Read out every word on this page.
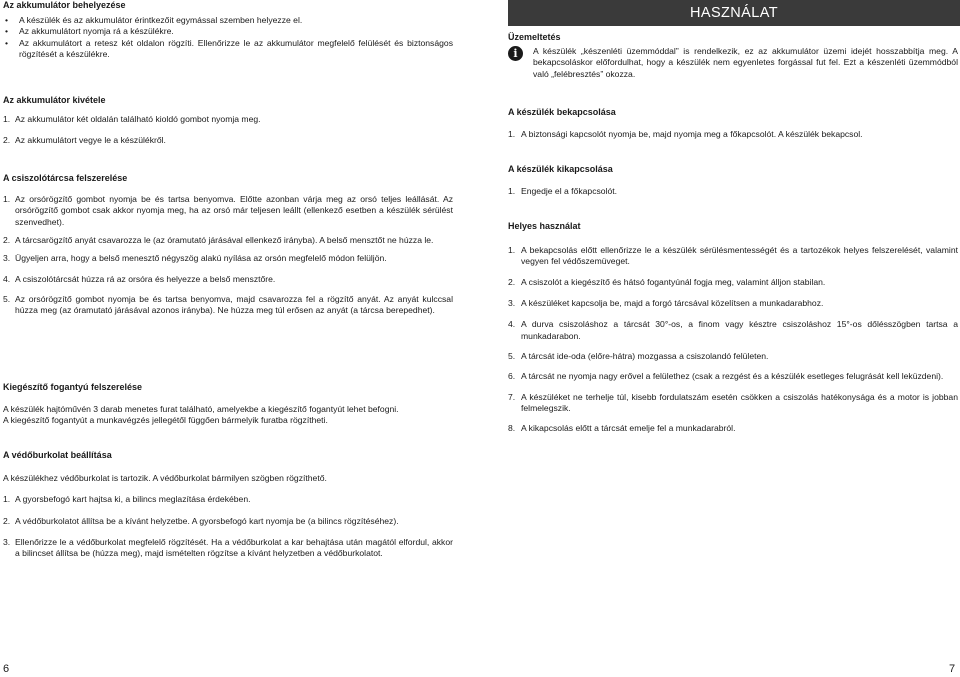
Az akkumulátor behelyezése

• A készülék és az akkumulátor érintkezőit egymással szemben helyezze el.
• Az akkumulátort nyomja rá a készülékre.
• Az akkumulátort a retesz két oldalon rögzíti. Ellenőrizze le az akkumulátor megfelelő felülését és biztonságos rögzítését a készülékre.

Az akkumulátor kivétele

1. Az akkumulátor két oldalán található kioldó gombot nyomja meg.

2. Az akkumulátort vegye le a készülékről.

A csiszolótárcsa felszerelése

1. Az orsórögzítő gombot nyomja be és tartsa benyomva. Előtte azonban várja meg az orsó teljes leállását. Az orsórögzítő gombot csak akkor nyomja meg, ha az orsó már teljesen leállt (ellenkező esetben a készülék sérülést szenvedhet).

2. A tárcsarögzítő anyát csavarozza le (az óramutató járásával ellenkező irányba). A belső mensztőt ne húzza le.

3. Ügyeljen arra, hogy a belső menesztő négyszög alakú nyílása az orsón megfelelő módon felüljön.

4. A csiszolótárcsát húzza rá az orsóra és helyezze a belső mensztőre.

5. Az orsórögzítő gombot nyomja be és tartsa benyomva, majd csavarozza fel a rögzítő anyát. Az anyát kulccsal húzza meg (az óramutató járásával azonos irányba). Ne húzza meg túl erősen az anyát (a tárcsa berepedhet).

Kiegészítő fogantyú felszerelése

A készülék hajtóművén 3 darab menetes furat található, amelyekbe a kiegészítő fogantyút lehet befogni.

A kiegészítő fogantyút a munkavégzés jellegétől függően bármelyik furatba rögzítheti.

A védőburkolat beállítása

A készülékhez védőburkolat is tartozik. A védőburkolat bármilyen szögben rögzíthető.

1. A gyorsbefogó kart hajtsa ki, a bilincs meglazítása érdekében.

2. A védőburkolatot állítsa be a kívánt helyzetbe. A gyorsbefogó kart nyomja be (a bilincs rögzítéséhez).

3. Ellenőrizze le a védőburkolat megfelelő rögzítését. Ha a védőburkolat a kar behajtása után magától elfordul, akkor a bilincset állítsa be (húzza meg), majd ismételten rögzítse a kívánt helyzetben a védőburkolatot.

6
HASZNÁLAT

Üzemeltetés

i	A készülék „készenléti üzemmóddal” is rendelkezik, ez az akkumulátor üzemi idejét hosszabbítja meg. A bekapcsoláskor előfordulhat, hogy a készülék nem egyenletes forgással fut fel. Ezt a készenléti üzemmódból való „felébresztés” okozza.

A készülék bekapcsolása

1. A biztonsági kapcsolót nyomja be, majd nyomja meg a főkapcsolót. A készülék bekapcsol.

A készülék kikapcsolása

1. Engedje el a főkapcsolót.

Helyes használat

1. A bekapcsolás előtt ellenőrizze le a készülék sérülésmentességét és a tartozékok helyes felszerelését, valamint vegyen fel védőszemüveget.

2. A csiszolót a kiegészítő és hátsó fogantyúnál fogja meg, valamint álljon stabilan.

3. A készüléket kapcsolja be, majd a forgó tárcsával közelítsen a munkadarabhoz.

4. A durva csiszoláshoz a tárcsát 30°-os, a finom vagy késztre csiszoláshoz 15°-os dőlésszögben tartsa a munkadarabon.

5. A tárcsát ide-oda (előre-hátra) mozgassa a csiszolandó felületen.

6. A tárcsát ne nyomja nagy erővel a felülethez (csak a rezgést és a készülék esetleges felugrását kell leküzdeni).

7. A készüléket ne terhelje túl, kisebb fordulatszám esetén csökken a csiszolás hatékonysága és a motor is jobban felmelegszik.

8. A kikapcsolás előtt a tárcsát emelje fel a munkadarabról.

7
